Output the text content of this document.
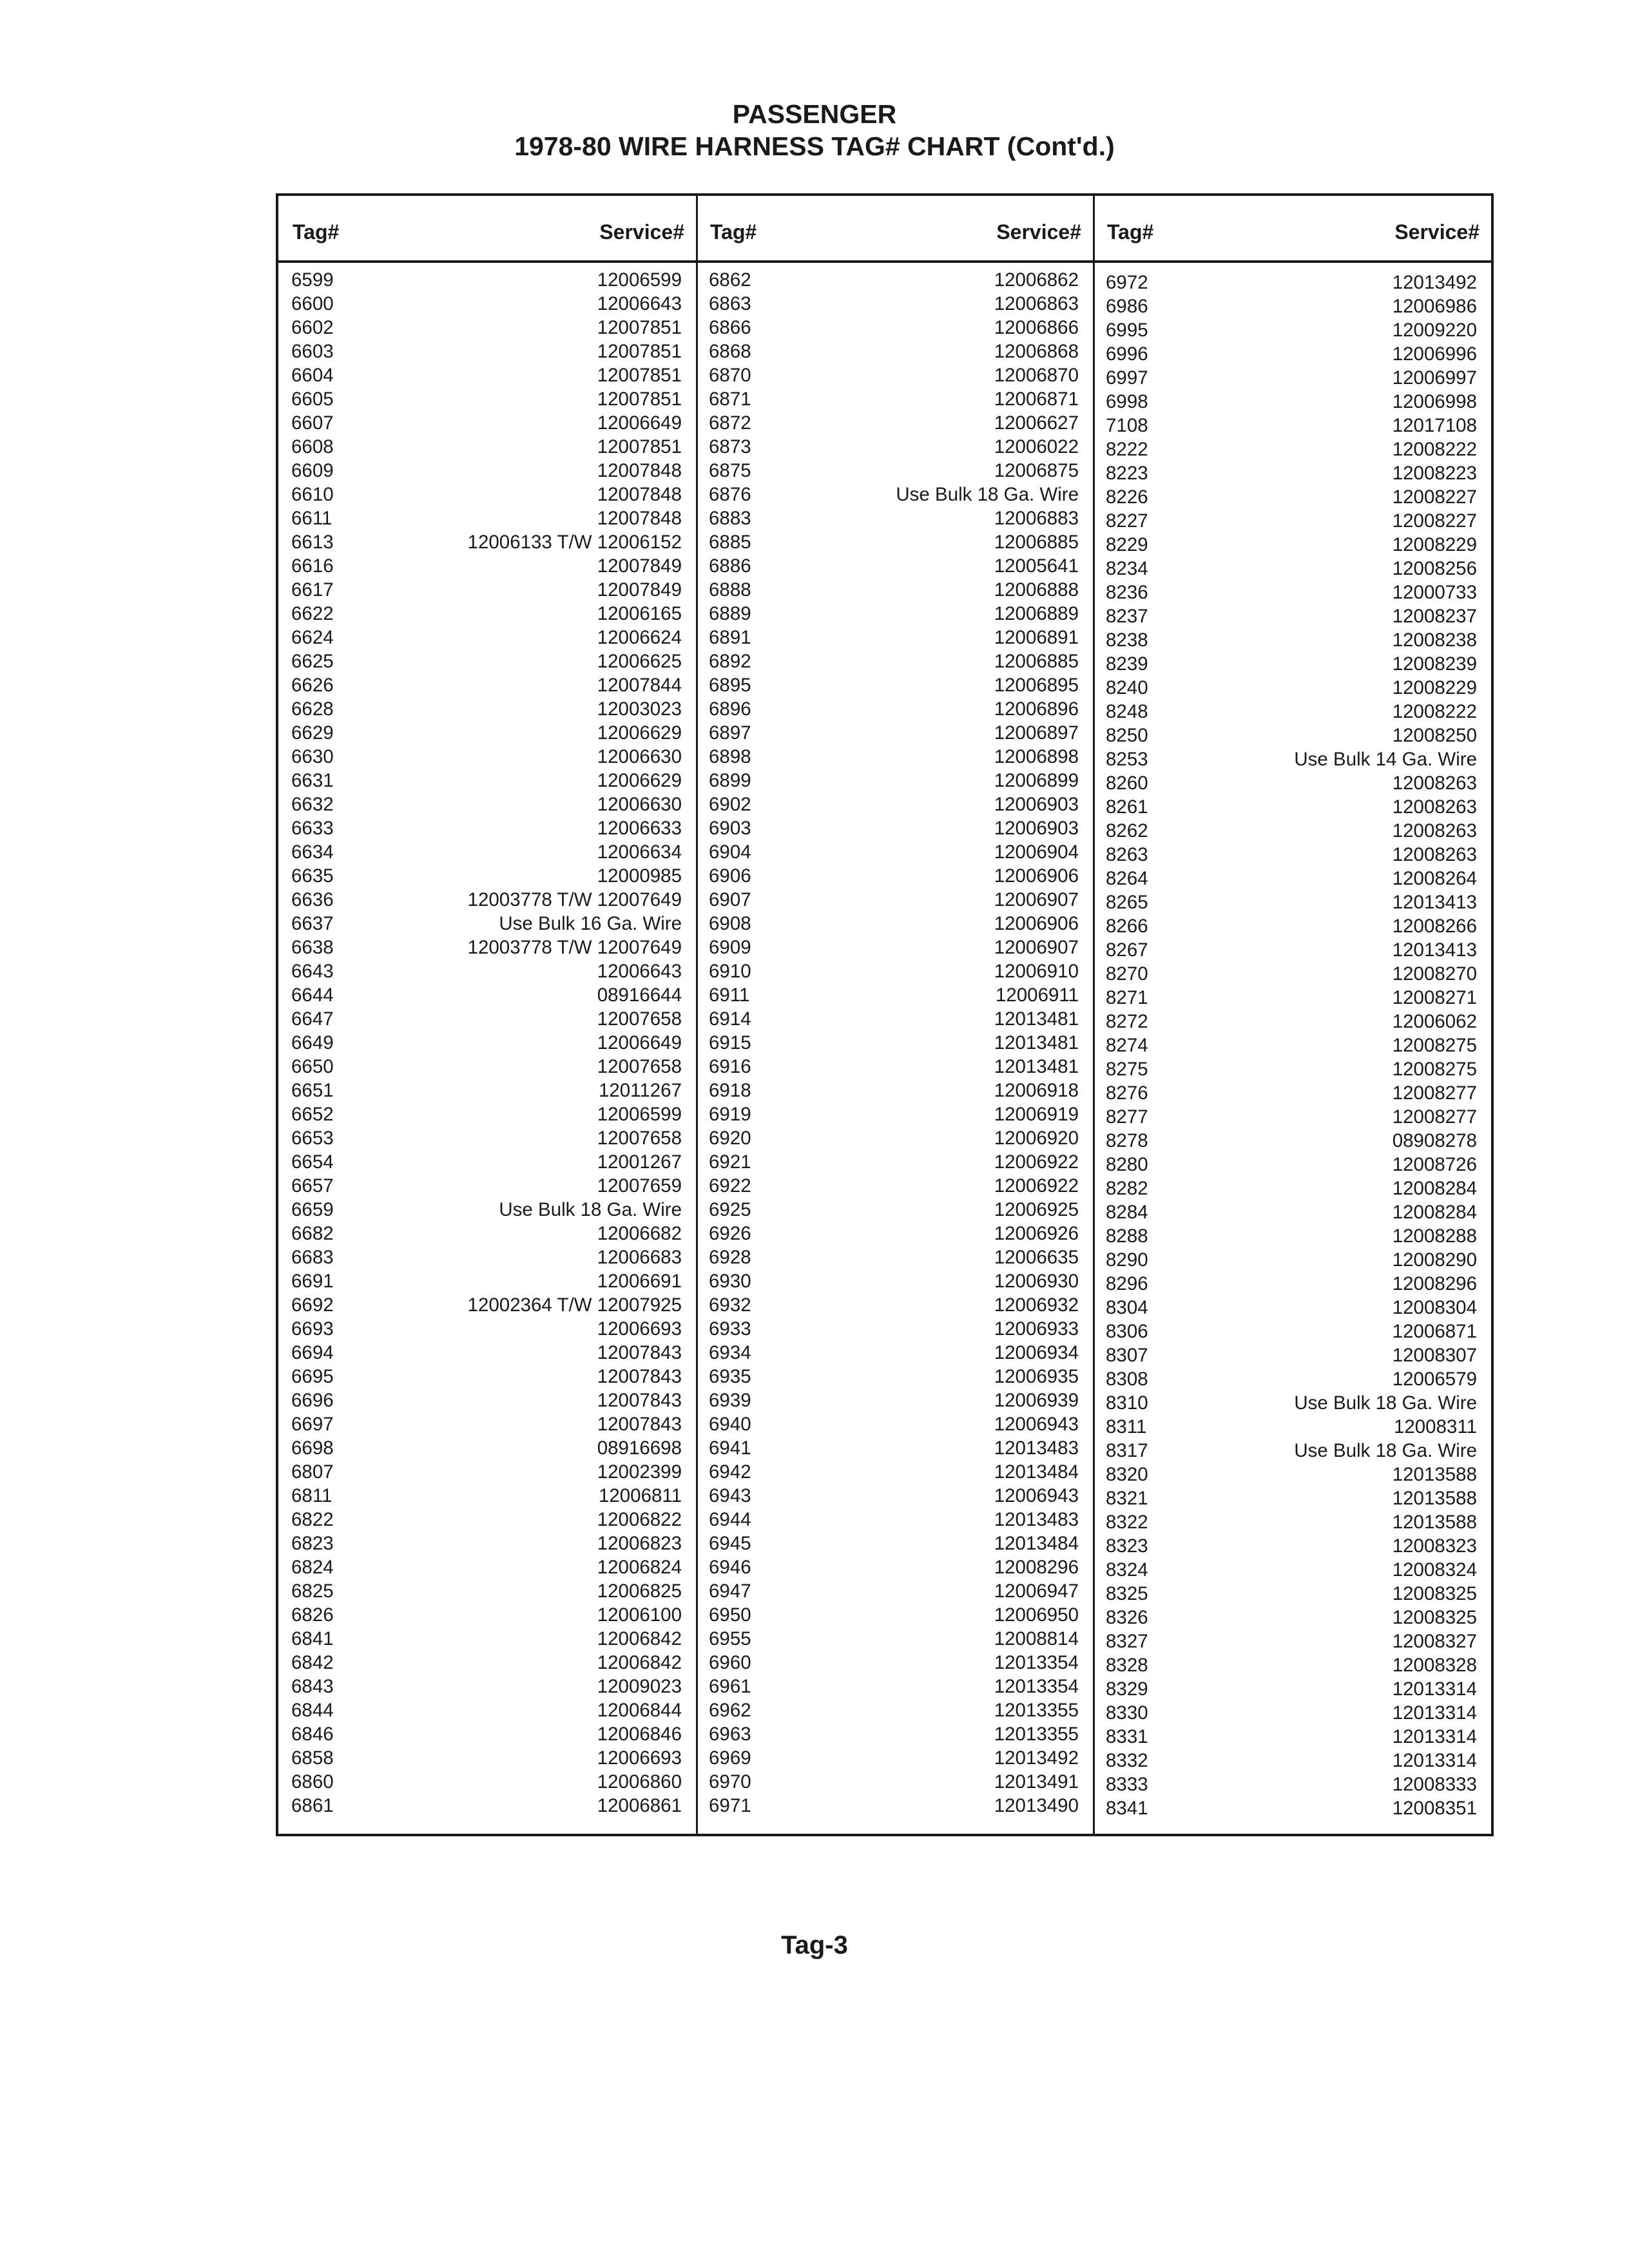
PASSENGER
1978-80 WIRE HARNESS TAG# CHART (Cont'd.)
Tag#	Service# Tag#	Service# Tag#	Service#
6599	12006599
6600	12006643
6602	12007851
6603	12007851
6604	12007851
6605	12007851
6607	12006649
6608	12007851
6609	12007848
6610	12007848
6611	12007848
6613	12006133 T/W 12006152
6616	12007849
6617	12007849
6622	12006165
6624	12006624
6625	12006625
6626	12007844
6628	12003023
6629	12006629
6630	12006630
6631	12006629
6632	12006630
6633	12006633
6634	12006634
6635	12000985
6636	12003778 T/W 12007649
6637	Use Bulk 16 Ga. Wire
6638	12003778 T/W 12007649
6643	12006643
6644	08916644
6647	12007658
6649	12006649
6650	12007658
6651	12011267
6652	12006599
6653	12007658
6654	12001267
6657	12007659
6659	Use Bulk 18 Ga. Wire
6682	12006682
6683	12006683
6691	12006691
6692	12002364 T/W 12007925
6693	12006693
6694	12007843
6695	12007843
6696	12007843
6697	12007843
6698	08916698
6807	12002399
6811	12006811
6822	12006822
6823	12006823
6824	12006824
6825	12006825
6826	12006100
6841	12006842
6842	12006842
6843	12009023
6844	12006844
6846	12006846
6858	12006693
6860	12006860
6861	12006861
6862	12006862
6863	12006863
6866	12006866
6868	12006868
6870	12006870
6871	12006871
6872	12006627
6873	12006022
6875	12006875
6876	Use Bulk 18 Ga. Wire
6883	12006883
6885	12006885
6886	12005641
6888	12006888
6889	12006889
6891	12006891
6892	12006885
6895	12006895
6896	12006896
6897	12006897
6898	12006898
6899	12006899
6902	12006903
6903	12006903
6904	12006904
6906	12006906
6907	12006907
6908	12006906
6909	12006907
6910	12006910
6911	12006911
6914	12013481
6915	12013481
6916	12013481
6918	12006918
6919	12006919
6920	12006920
6921	12006922
6922	12006922
6925	12006925
6926	12006926
6928	12006635
6930	12006930
6932	12006932
6933	12006933
6934	12006934
6935	12006935
6939	12006939
6940	12006943
6941	12013483
6942	12013484
6943	12006943
6944	12013483
6945	12013484
6946	12008296
6947	12006947
6950	12006950
6955	12008814
6960	12013354
6961	12013354
6962	12013355
6963	12013355
6969	12013492
6970	12013491
6971	12013490
6972	12013492
6986	12006986
6995	12009220
6996	12006996
6997	12006997
6998	12006998
7108	12017108
8222	12008222
8223	12008223
8226	12008227
8227	12008227
8229	12008229
8234	12008256
8236	12000733
8237	12008237
8238	12008238
8239	12008239
8240	12008229
8248	12008222
8250	12008250
8253	Use Bulk 14 Ga. Wire
8260	12008263
8261	12008263
8262	12008263
8263	12008263
8264	12008264
8265	12013413
8266	12008266
8267	12013413
8270	12008270
8271	12008271
8272	12006062
8274	12008275
8275	12008275
8276	12008277
8277	12008277
8278	08908278
8280	12008726
8282	12008284
8284	12008284
8288	12008288
8290	12008290
8296	12008296
8304	12008304
8306	12006871
8307	12008307
8308	12006579
8310	Use Bulk 18 Ga. Wire
8311	12008311
8317	Use Bulk 18 Ga. Wire
8320	12013588
8321	12013588
8322	12013588
8323	12008323
8324	12008324
8325	12008325
8326	12008325
8327	12008327
8328	12008328
8329	12013314
8330	12013314
8331	12013314
8332	12013314
8333	12008333
8341	12008351
Tag-3
